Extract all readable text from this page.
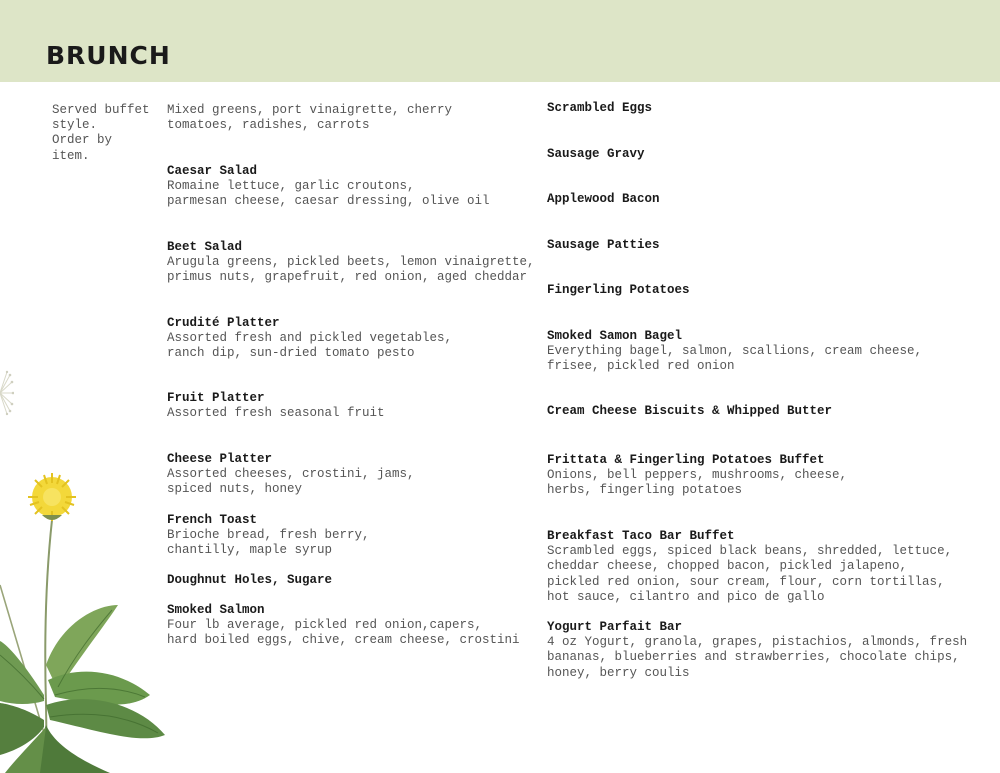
BRUNCH
Served buffet
style.
Order by
item.
Mixed greens, port vinaigrette, cherry
tomatoes, radishes, carrots
Caesar Salad
Romaine lettuce, garlic croutons,
parmesan cheese, caesar dressing, olive oil
Beet Salad
Arugula greens, pickled beets, lemon vinaigrette,
primus nuts, grapefruit, red onion, aged cheddar
Crudité Platter
Assorted fresh and pickled vegetables,
ranch dip, sun-dried tomato pesto
Fruit Platter
Assorted fresh seasonal fruit
Cheese Platter
Assorted cheeses, crostini, jams,
spiced nuts, honey
French Toast
Brioche bread, fresh berry,
chantilly, maple syrup
Doughnut Holes, Sugare
Smoked Salmon
Four lb average, pickled red onion,capers,
hard boiled eggs, chive, cream cheese, crostini
Scrambled Eggs
Sausage Gravy
Applewood Bacon
Sausage Patties
Fingerling Potatoes
Smoked Samon Bagel
Everything bagel, salmon, scallions, cream cheese,
frisee, pickled red onion
Cream Cheese Biscuits & Whipped Butter
Frittata & Fingerling Potatoes Buffet
Onions, bell peppers, mushrooms, cheese,
herbs, fingerling potatoes
Breakfast Taco Bar Buffet
Scrambled eggs, spiced black beans, shredded, lettuce,
cheddar cheese, chopped bacon, pickled jalapeno,
pickled red onion, sour cream, flour, corn tortillas,
hot sauce, cilantro and pico de gallo
Yogurt Parfait Bar
4 oz Yogurt, granola, grapes, pistachios, almonds, fresh
bananas, blueberries and strawberries, chocolate chips,
honey, berry coulis
